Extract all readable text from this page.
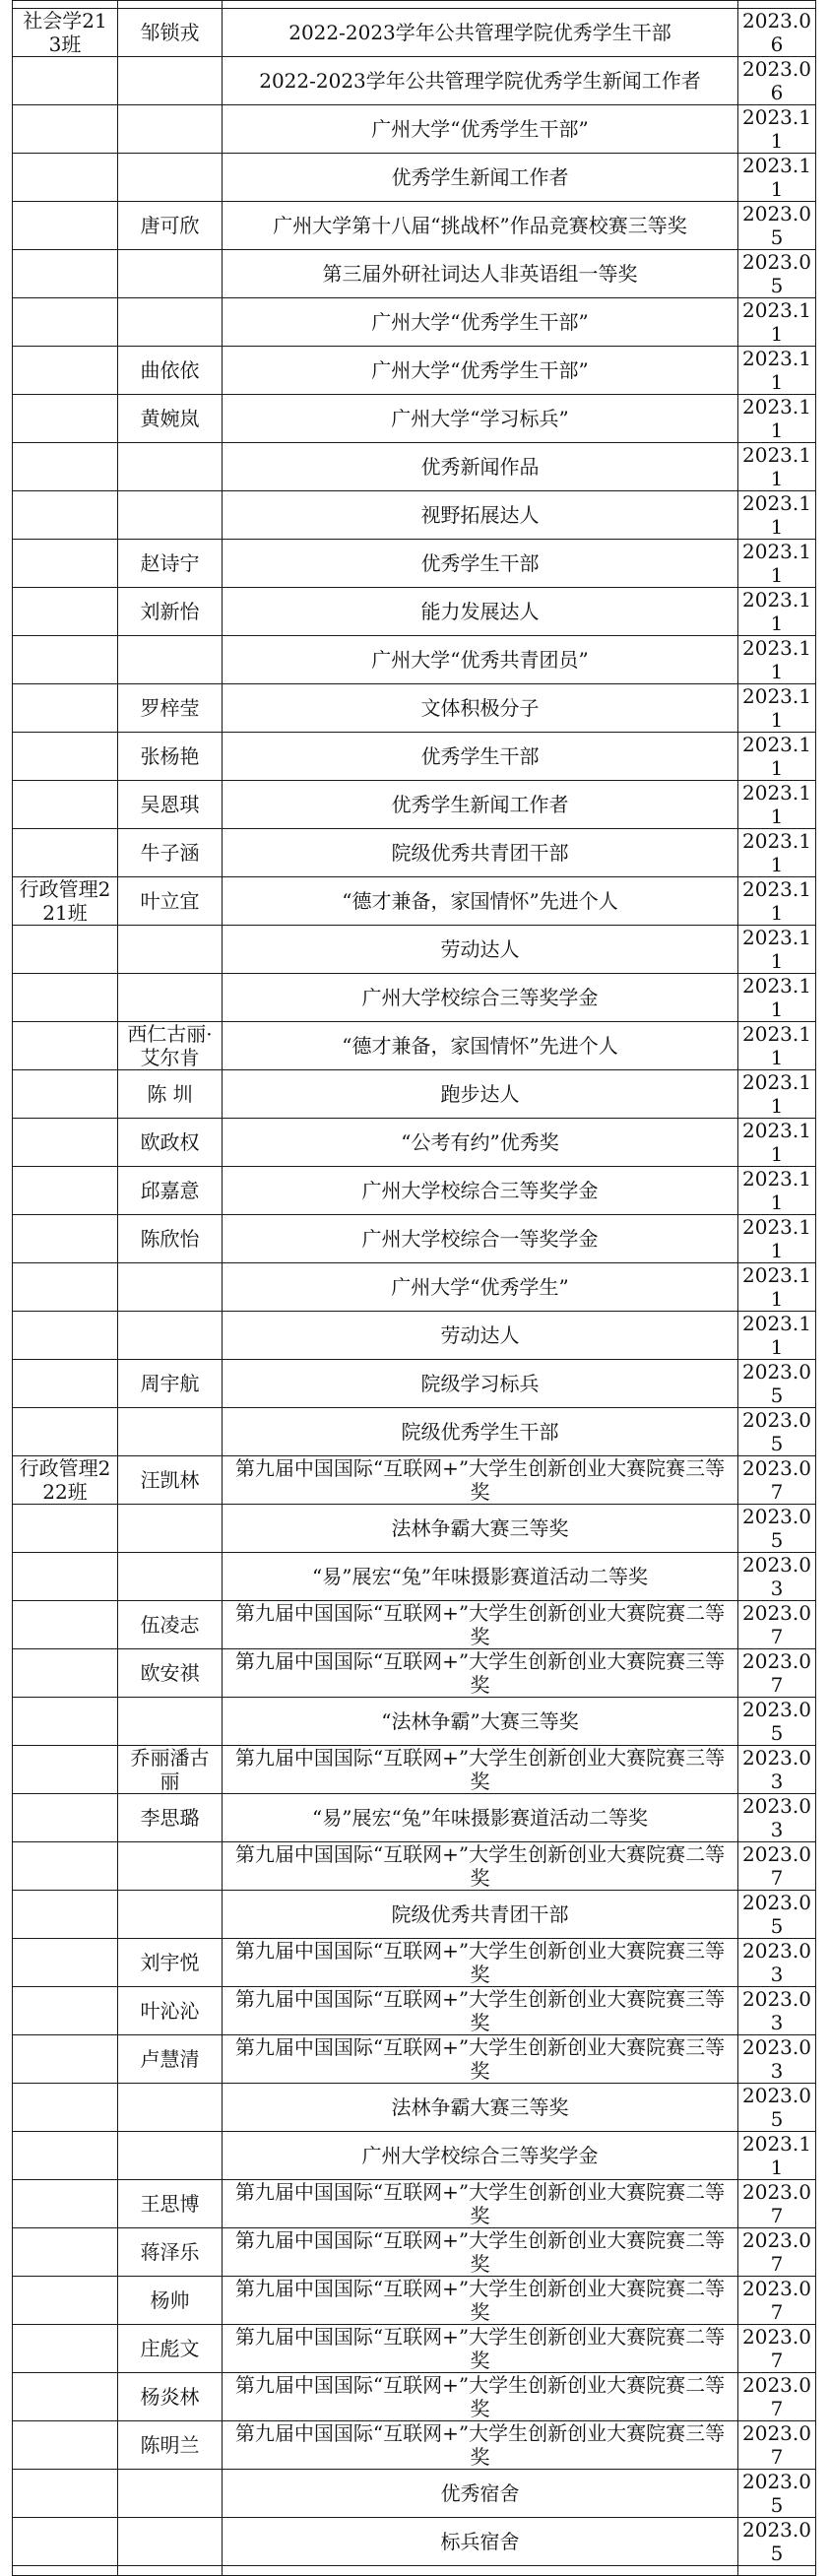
社会学213班	邹锁戎	2022-2023学年公共管理学院优秀学生干部	2023.06
		2022-2023学年公共管理学院优秀学生新闻工作者	2023.06
		广州大学“优秀学生干部”	2023.11
		优秀学生新闻工作者	2023.11
	唐可欣	广州大学第十八届“挑战杯”作品竞赛校赛三等奖	2023.05
		第三届外研社词达人非英语组一等奖	2023.05
		广州大学“优秀学生干部”	2023.11
	曲依依	广州大学“优秀学生干部”	2023.11
	黄婉岚	广州大学“学习标兵”	2023.11
		优秀新闻作品	2023.11
		视野拓展达人	2023.11
	赵诗宁	优秀学生干部	2023.11
	刘新怡	能力发展达人	2023.11
		广州大学“优秀共青团员”	2023.11
	罗梓莹	文体积极分子	2023.11
	张杨艳	优秀学生干部	2023.11
	吴恩琪	优秀学生新闻工作者	2023.11
	牛子涵	院级优秀共青团干部	2023.11
行政管理221班	叶立宜	“德才兼备，家国情怀”先进个人	2023.11
		劳动达人	2023.11
		广州大学校综合三等奖学金	2023.11
	西仁古丽·艾尔肯	“德才兼备，家国情怀”先进个人	2023.11
	陈 圳	跑步达人	2023.11
	欧政权	“公考有约”优秀奖	2023.11
	邱嘉意	广州大学校综合三等奖学金	2023.11
	陈欣怡	广州大学校综合一等奖学金	2023.11
		广州大学“优秀学生”	2023.11
		劳动达人	2023.11
	周宇航	院级学习标兵	2023.05
		院级优秀学生干部	2023.05
行政管理222班	汪凯林	第九届中国国际“互联网+”大学生创新创业大赛院赛三等奖	2023.07
		法林争霸大赛三等奖	2023.05
		“易”展宏“兔”年味摄影赛道活动二等奖	2023.03
	伍凌志	第九届中国国际“互联网+”大学生创新创业大赛院赛二等奖	2023.07
	欧安祺	第九届中国国际“互联网+”大学生创新创业大赛院赛三等奖	2023.07
		“法林争霸”大赛三等奖	2023.05
	乔丽潘古丽	第九届中国国际“互联网+”大学生创新创业大赛院赛三等奖	2023.03
	李思璐	“易”展宏“兔”年味摄影赛道活动二等奖	2023.03
		第九届中国国际“互联网+”大学生创新创业大赛院赛二等奖	2023.07
		院级优秀共青团干部	2023.05
	刘宇悦	第九届中国国际“互联网+”大学生创新创业大赛院赛三等奖	2023.03
	叶沁沁	第九届中国国际“互联网+”大学生创新创业大赛院赛三等奖	2023.03
	卢慧清	第九届中国国际“互联网+”大学生创新创业大赛院赛三等奖	2023.03
		法林争霸大赛三等奖	2023.05
		广州大学校综合三等奖学金	2023.11
	王思博	第九届中国国际“互联网+”大学生创新创业大赛院赛二等奖	2023.07
	蒋泽乐	第九届中国国际“互联网+”大学生创新创业大赛院赛二等奖	2023.07
	杨帅	第九届中国国际“互联网+”大学生创新创业大赛院赛二等奖	2023.07
	庄彪文	第九届中国国际“互联网+”大学生创新创业大赛院赛二等奖	2023.07
	杨炎林	第九届中国国际“互联网+”大学生创新创业大赛院赛二等奖	2023.07
	陈明兰	第九届中国国际“互联网+”大学生创新创业大赛院赛三等奖	2023.07
		优秀宿舍	2023.05
		标兵宿舍	2023.05
